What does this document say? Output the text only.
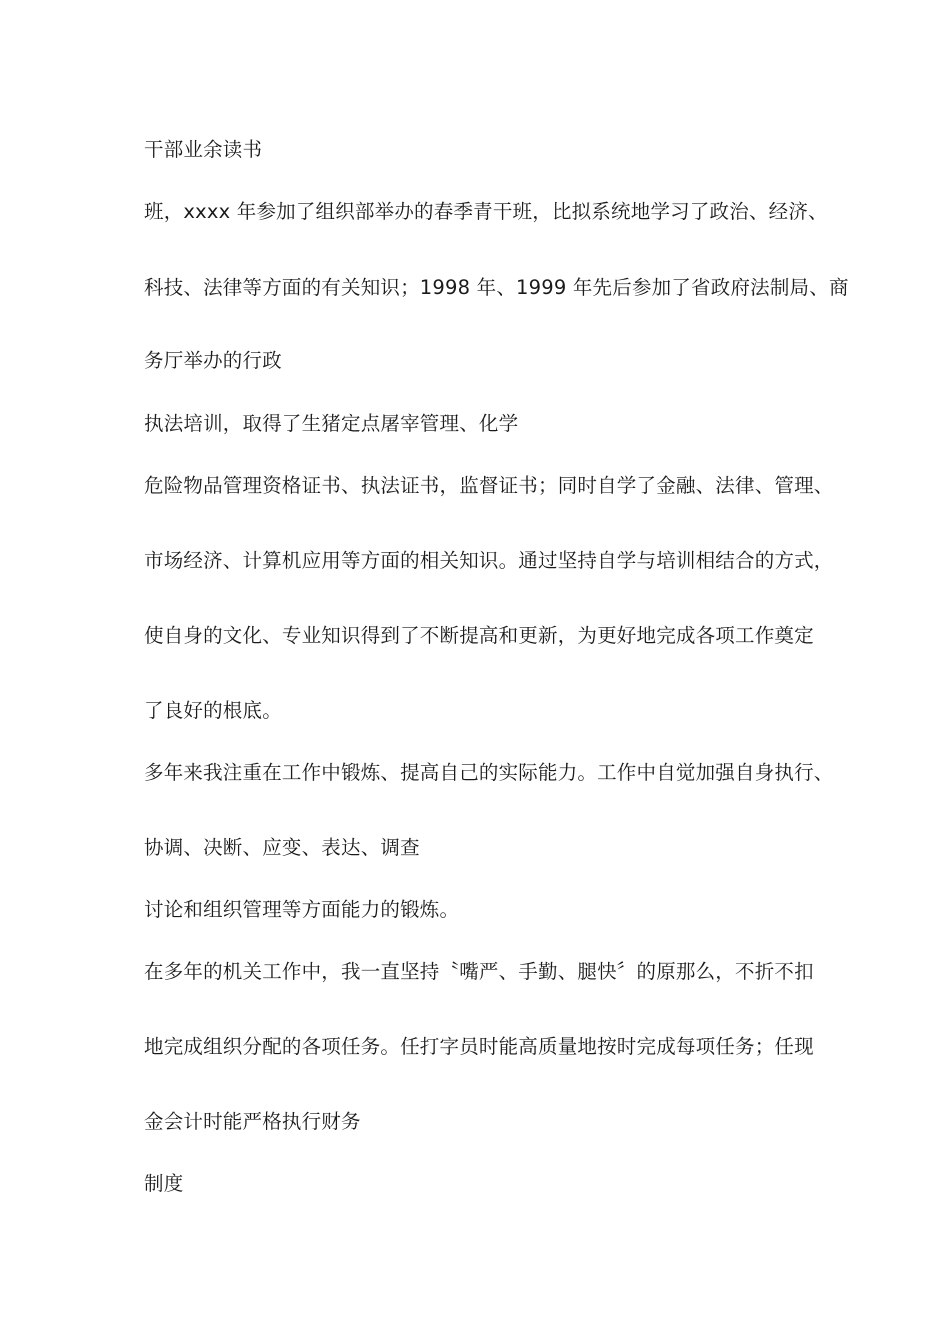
干部业余读书
班，xxxx 年参加了组织部举办的春季青干班，比拟系统地学习了政治、经济、
科技、法律等方面的有关知识；1998 年、1999 年先后参加了省政府法制局、商
务厅举办的行政
执法培训，取得了生猪定点屠宰管理、化学
危险物品管理资格证书、执法证书，监督证书；同时自学了金融、法律、管理、
市场经济、计算机应用等方面的相关知识。通过坚持自学与培训相结合的方式，
使自身的文化、专业知识得到了不断提高和更新，为更好地完成各项工作奠定
了良好的根底。
多年来我注重在工作中锻炼、提高自己的实际能力。工作中自觉加强自身执行、
协调、决断、应变、表达、调查
讨论和组织管理等方面能力的锻炼。
在多年的机关工作中，我一直坚持〝嘴严、手勤、腿快〞的原那么，不折不扣
地完成组织分配的各项任务。任打字员时能高质量地按时完成每项任务；任现
金会计时能严格执行财务
制度
